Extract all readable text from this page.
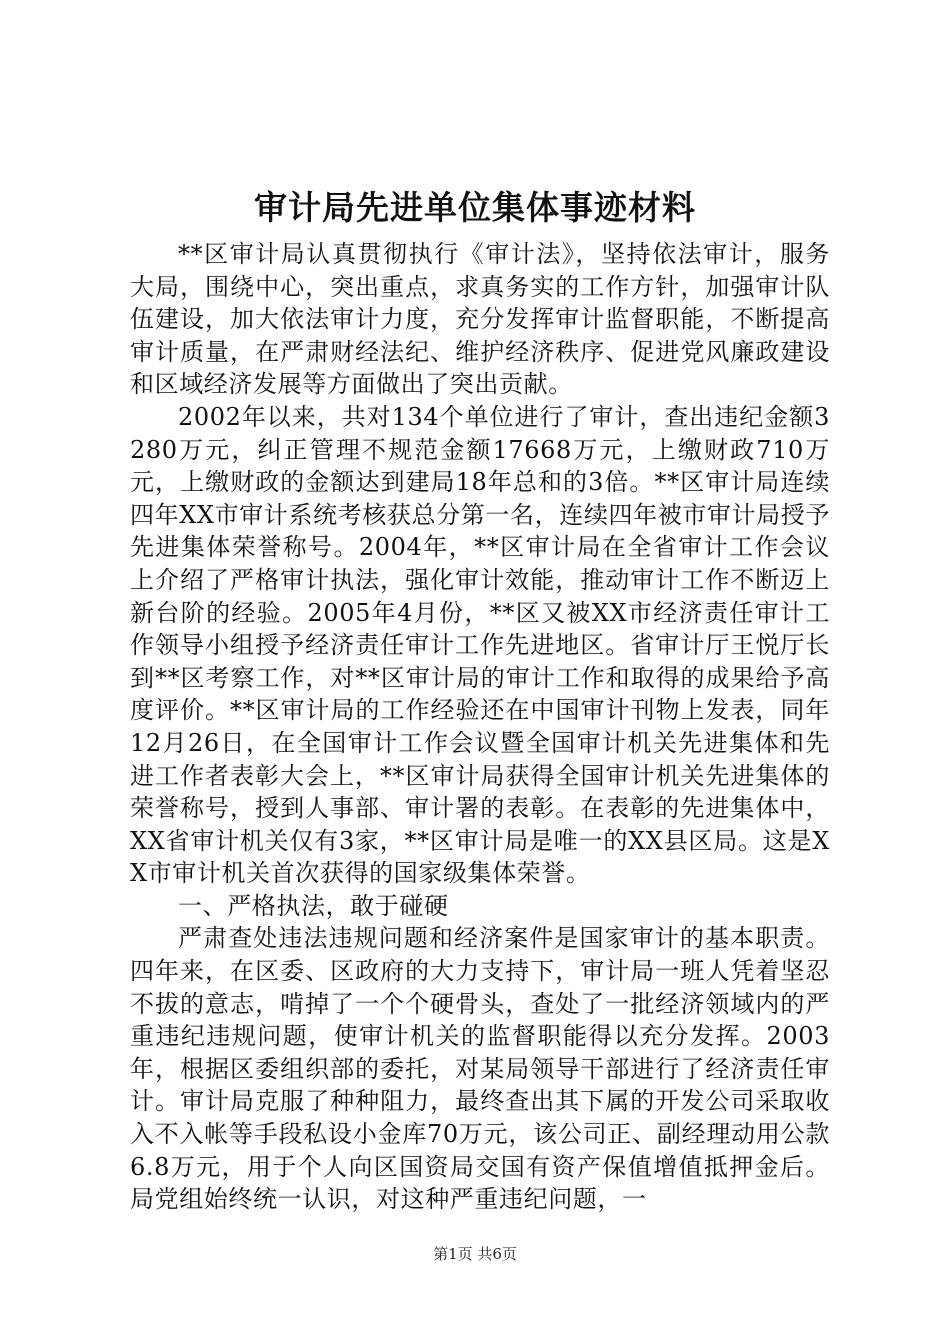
审计局先进单位集体事迹材料

**区审计局认真贯彻执行《审计法》，坚持依法审计，服务大局，围绕中心，突出重点，求真务实的工作方针，加强审计队伍建设，加大依法审计力度，充分发挥审计监督职能，不断提高审计质量，在严肃财经法纪、维护经济秩序、促进党风廉政建设和区域经济发展等方面做出了突出贡献。

2002年以来，共对134个单位进行了审计，查出违纪金额3280万元，纠正管理不规范金额17668万元，上缴财政710万元，上缴财政的金额达到建局18年总和的3倍。**区审计局连续四年XX市审计系统考核获总分第一名，连续四年被市审计局授予先进集体荣誉称号。2004年，**区审计局在全省审计工作会议上介绍了严格审计执法，强化审计效能，推动审计工作不断迈上新台阶的经验。2005年4月份，**区又被XX市经济责任审计工作领导小组授予经济责任审计工作先进地区。省审计厅王悦厅长到**区考察工作，对**区审计局的审计工作和取得的成果给予高度评价。**区审计局的工作经验还在中国审计刊物上发表，同年12月26日，在全国审计工作会议暨全国审计机关先进集体和先进工作者表彰大会上，**区审计局获得全国审计机关先进集体的荣誉称号，授到人事部、审计署的表彰。在表彰的先进集体中，XX省审计机关仅有3家，**区审计局是唯一的XX县区局。这是XX市审计机关首次获得的国家级集体荣誉。

一、严格执法，敢于碰硬

严肃查处违法违规问题和经济案件是国家审计的基本职责。四年来，在区委、区政府的大力支持下，审计局一班人凭着坚忍不拔的意志，啃掉了一个个硬骨头，查处了一批经济领域内的严重违纪违规问题，使审计机关的监督职能得以充分发挥。2003年，根据区委组织部的委托，对某局领导干部进行了经济责任审计。审计局克服了种种阻力，最终查出其下属的开发公司采取收入不入帐等手段私设小金库70万元，该公司正、副经理动用公款6.8万元，用于个人向区国资局交国有资产保值增值抵押金后。局党组始终统一认识，对这种严重违纪问题，一

第1页 共6页
